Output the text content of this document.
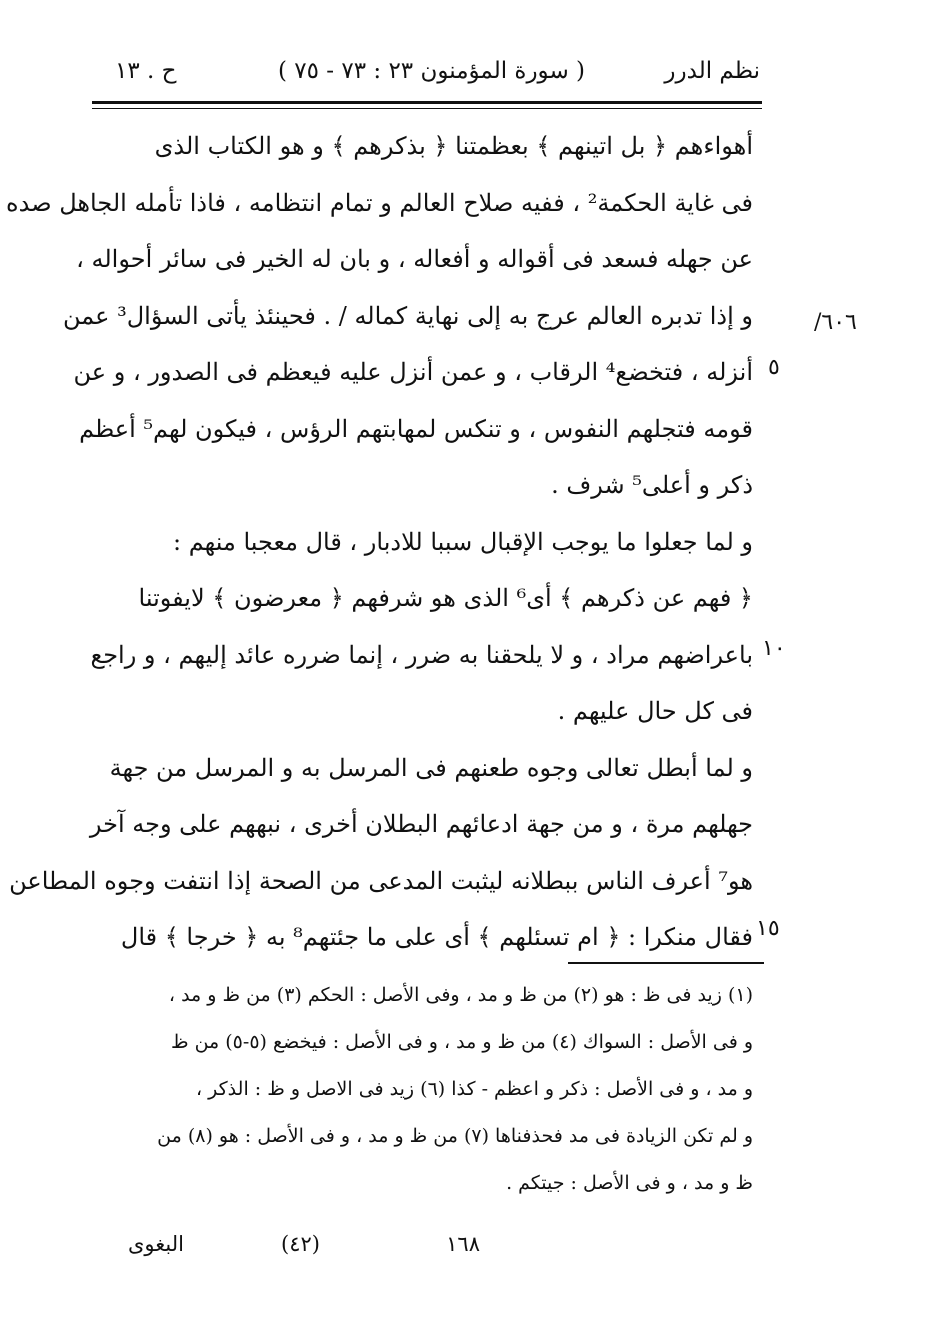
نظم الدرر
( سورة المؤمنون ٢٣ : ٧٣ - ٧٥ )
ح . ١٣
٦٠٦/
٥
١٠
١٥
أهواءهم ﴿ بل اتينهم ﴾ بعظمتنا ﴿ بذكرهم ﴾ و هو الكتاب الذى
فى غاية الحكمة² ، ففيه صلاح العالم و تمام انتظامه ، فاذا تأمله الجاهل صده
عن جهله فسعد فى أقواله و أفعاله ، و بان له الخير فى سائر أحواله ،
و إذا تدبره العالم عرج به إلى نهاية كماله / . فحينئذ يأتى السؤال³ عمن
أنزله ، فتخضع⁴ الرقاب ، و عمن أنزل عليه فيعظم فى الصدور ، و عن
قومه فتجلهم النفوس ، و تنكس لمهابتهم الرؤس ، فيكون لهم⁵ أعظم
ذكر و أعلى⁵ شرف .
و لما جعلوا ما يوجب الإقبال سببا للادبار ، قال معجبا منهم :
﴿ فهم عن ذكرهم ﴾ أى⁶ الذى هو شرفهم ﴿ معرضون ﴾ لايفوتنا
باعراضهم مراد ، و لا يلحقنا به ضرر ، إنما ضرره عائد إليهم ، و راجع
فى كل حال عليهم .
و لما أبطل تعالى وجوه طعنهم فى المرسل به و المرسل من جهة
جهلهم مرة ، و من جهة ادعائهم البطلان أخرى ، نبههم على وجه آخر
هو⁷ أعرف الناس ببطلانه ليثبت المدعى من الصحة إذا انتفت وجوه المطاعن
فقال منكرا : ﴿ ام تسئلهم ﴾ أى على ما جئتهم⁸ به ﴿ خرجا ﴾ قال
(١) زيد فى ظ : هو (٢) من ظ و مد ، وفى الأصل : الحكم (٣) من ظ و مد ،
و فى الأصل : السواك (٤) من ظ و مد ، و فى الأصل : فيخضع (٥-٥) من ظ
و مد ، و فى الأصل : ذكر و اعظم - كذا (٦) زيد فى الاصل و ظ : الذكر ،
و لم تكن الزيادة فى مد فحذفناها (٧) من ظ و مد ، و فى الأصل : هو (٨) من
ظ و مد ، و فى الأصل : جيتكم .
١٦٨
(٤٢)
البغوى
